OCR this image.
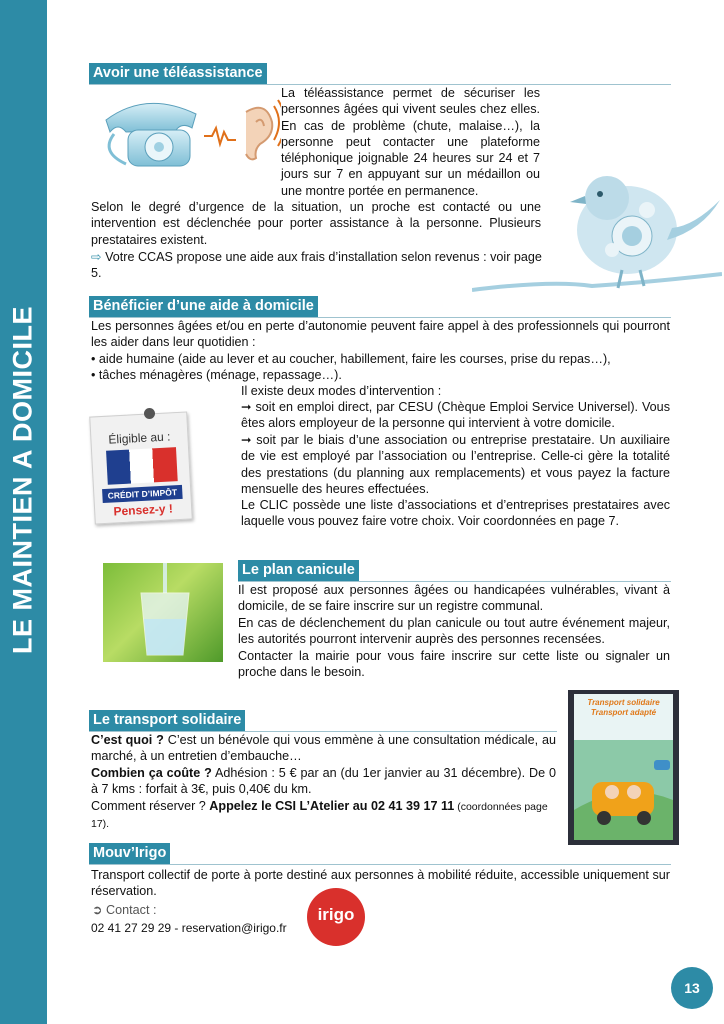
LE MAINTIEN A DOMICILE
Avoir une téléassistance
La téléassistance permet de sécuriser les personnes âgées qui vivent seules chez elles. En cas de problème (chute, malaise…), la personne peut contacter une plateforme téléphonique joignable 24 heures sur 24 et 7 jours sur 7 en appuyant sur un médaillon ou une montre portée en permanence.
Selon le degré d’urgence de la situation, un proche est contacté ou une intervention est déclenchée pour porter assistance à la personne. Plusieurs prestataires existent.
⇨ Votre CCAS propose une aide aux frais d’installation selon revenus : voir page 5.
Bénéficier d’une aide à domicile
Les personnes âgées et/ou en perte d’autonomie peuvent faire appel à des professionnels qui pourront les aider dans leur quotidien :
• aide humaine (aide au lever et au coucher, habillement, faire les courses, prise du repas…),
• tâches ménagères (ménage, repassage…).
Éligible au :
CRÉDIT D’IMPÔT
Pensez-y !
Il existe deux modes d’intervention :
➞ soit en emploi direct, par CESU (Chèque Emploi Service Universel). Vous êtes alors employeur de la personne qui intervient à votre domicile.
➞ soit par le biais d’une association ou entreprise prestataire. Un auxiliaire de vie est employé par l’association ou l’entreprise. Celle-ci gère la totalité des prestations (du planning aux remplacements) et vous payez la facture mensuelle des heures effectuées.
Le CLIC possède une liste d’associations et d’entreprises prestataires avec laquelle vous pouvez faire votre choix. Voir coordonnées en page 7.
Le plan canicule
Il est proposé aux personnes âgées ou handicapées vulnérables, vivant à domicile, de se faire inscrire sur un registre communal.
En cas de déclenchement du plan canicule ou tout autre événement majeur, les autorités pourront intervenir auprès des personnes recensées.
Contacter la mairie pour vous faire inscrire sur cette liste ou signaler un proche dans le besoin.
Le transport solidaire
C’est quoi ? C’est un bénévole qui vous emmène à une consultation médicale, au marché, à un entretien d’embauche…
Combien ça coûte ? Adhésion : 5 € par an (du 1er janvier au 31 décembre). De 0 à 7 kms : forfait à 3€, puis 0,40€ du km.
Comment réserver ? Appelez le CSI L’Atelier au 02 41 39 17 11 (coordonnées page 17).
Transport solidaire
Transport adapté
Mouv’Irigo
Transport collectif de porte à porte destiné aux personnes à mobilité réduite, accessible uniquement sur réservation.
➲ Contact :
02 41 27 29 29 - reservation@irigo.fr
irigo
13
